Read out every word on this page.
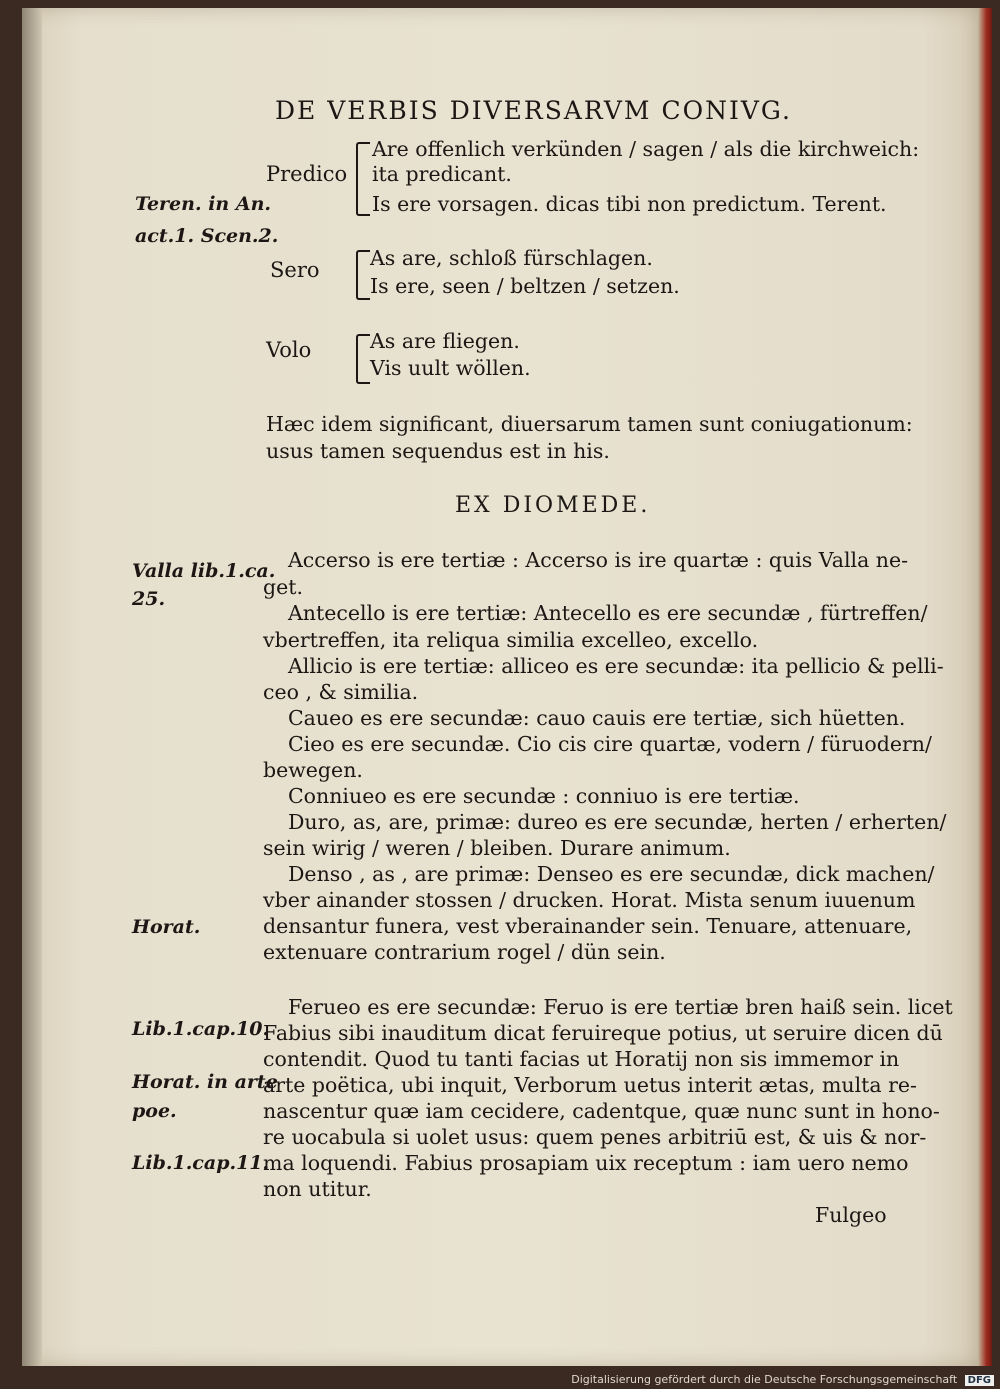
DE VERBIS DIVERSARVM CONIVG.
Predico
Are offenlich verkünden / sagen / als die kirchweich:
ita predicant.
Is ere vorsagen. dicas tibi non predictum. Terent.
Teren. in An.
act.1. Scen.2.
Sero As are, schloß fürschlagen.
Is ere, seen / beltzen / setzen.
Volo	As are fliegen.
Vis uult wöllen.
Hæc idem significant, diuersarum tamen sunt coniugationum:
usus tamen sequendus est in his.
EX DIOMEDE.
Valla lib.1.ca.
25.
Horat.
Lib.1.cap.10.
Horat. in arte
poe.
Lib.1.cap.11.
Accerso is ere tertiæ : Accerso is ire quartæ : quis Valla ne-
get.
Antecello is ere tertiæ: Antecello es ere secundæ , fürtreffen/
vbertreffen, ita reliqua similia excelleo, excello.
Allicio is ere tertiæ: alliceo es ere secundæ: ita pellicio & pelli-
ceo , & similia.
Caueo es ere secundæ: cauo cauis ere tertiæ, sich hüetten.
Cieo es ere secundæ. Cio cis cire quartæ, vodern / füruodern/
bewegen.
Conniueo es ere secundæ : conniuo is ere tertiæ.
Duro, as, are, primæ: dureo es ere secundæ, herten / erherten/
sein wirig / weren / bleiben. Durare animum.
Denso , as , are primæ: Denseo es ere secundæ, dick machen/
vber ainander stossen / drucken. Horat. Mista senum iuuenum
densantur funera, vest vberainander sein. Tenuare, attenuare,
extenuare contrarium rogel / dün sein.
Ferueo es ere secundæ: Feruo is ere tertiæ bren haiß sein. licet
Fabius sibi inauditum dicat feruireque potius, ut seruire dicen dū
contendit. Quod tu tanti facias ut Horatij non sis immemor in
arte poëtica, ubi inquit, Verborum uetus interit ætas, multa re-
nascentur quæ iam cecidere, cadentque, quæ nunc sunt in hono-
re uocabula si uolet usus: quem penes arbitriū est, & uis & nor-
ma loquendi. Fabius prosapiam uix receptum : iam uero nemo
non utitur.
Fulgeo
Digitalisierung gefördert durch die Deutsche Forschungsgemeinschaft DFG
